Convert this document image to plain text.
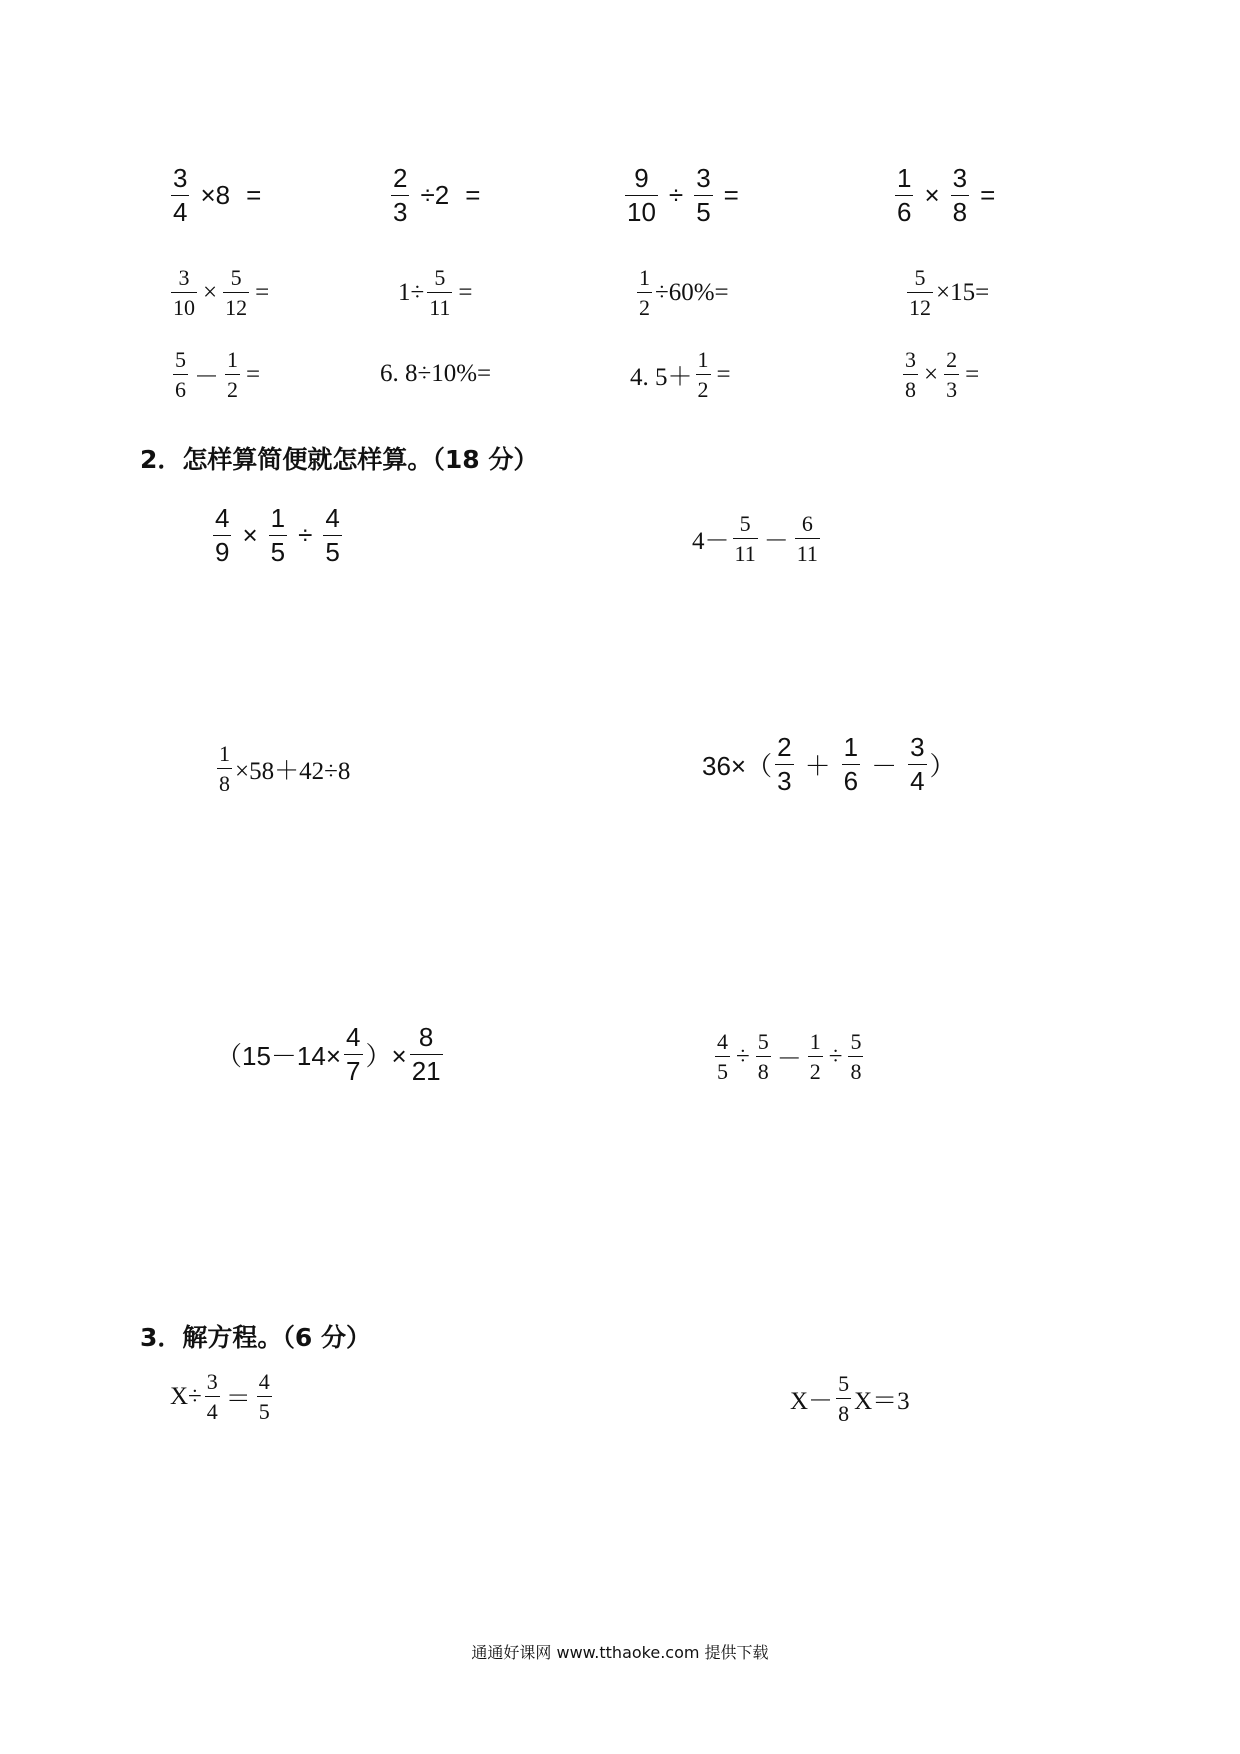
$\frac{3}{4} \times 8$ =	$\frac{2}{3} \div 2$ =	$\frac{9}{10} \div \frac{3}{5}$ =	$\frac{1}{6} \times \frac{3}{8}$ =
$\frac{3}{10} \times \frac{5}{12}$ =	$1\div \frac{5}{11}$ =	$\frac{1}{2} \div 60\%=$	$\frac{5}{12} \times 15=$
$\frac{5}{6} - \frac{1}{2}$ =	6. 8÷10%=	4. $5+ \frac{1}{2}$ =	$\frac{3}{8} \times \frac{2}{3}$ =
2．怎样算简便就怎样算。（18 分）
$\frac{4}{9} \times \frac{1}{5} \div \frac{4}{5}$	$4- \frac{5}{11} - \frac{6}{11}$
$\frac{1}{8} \times 58+42\div 8$	$36\times( \frac{2}{3} + \frac{1}{6} - \frac{3}{4}$ ）
（$15-14\times \frac{4}{7}$ ）× $\frac{8}{21}$	$\frac{4}{5} \div \frac{5}{8} - \frac{1}{2} \div \frac{5}{8}$
3．解方程。（6 分）
$X\div \frac{3}{4} = \frac{4}{5}$	$X- \frac{5}{8} X=3$
通通好课网 www.tthaoke.com 提供下载
